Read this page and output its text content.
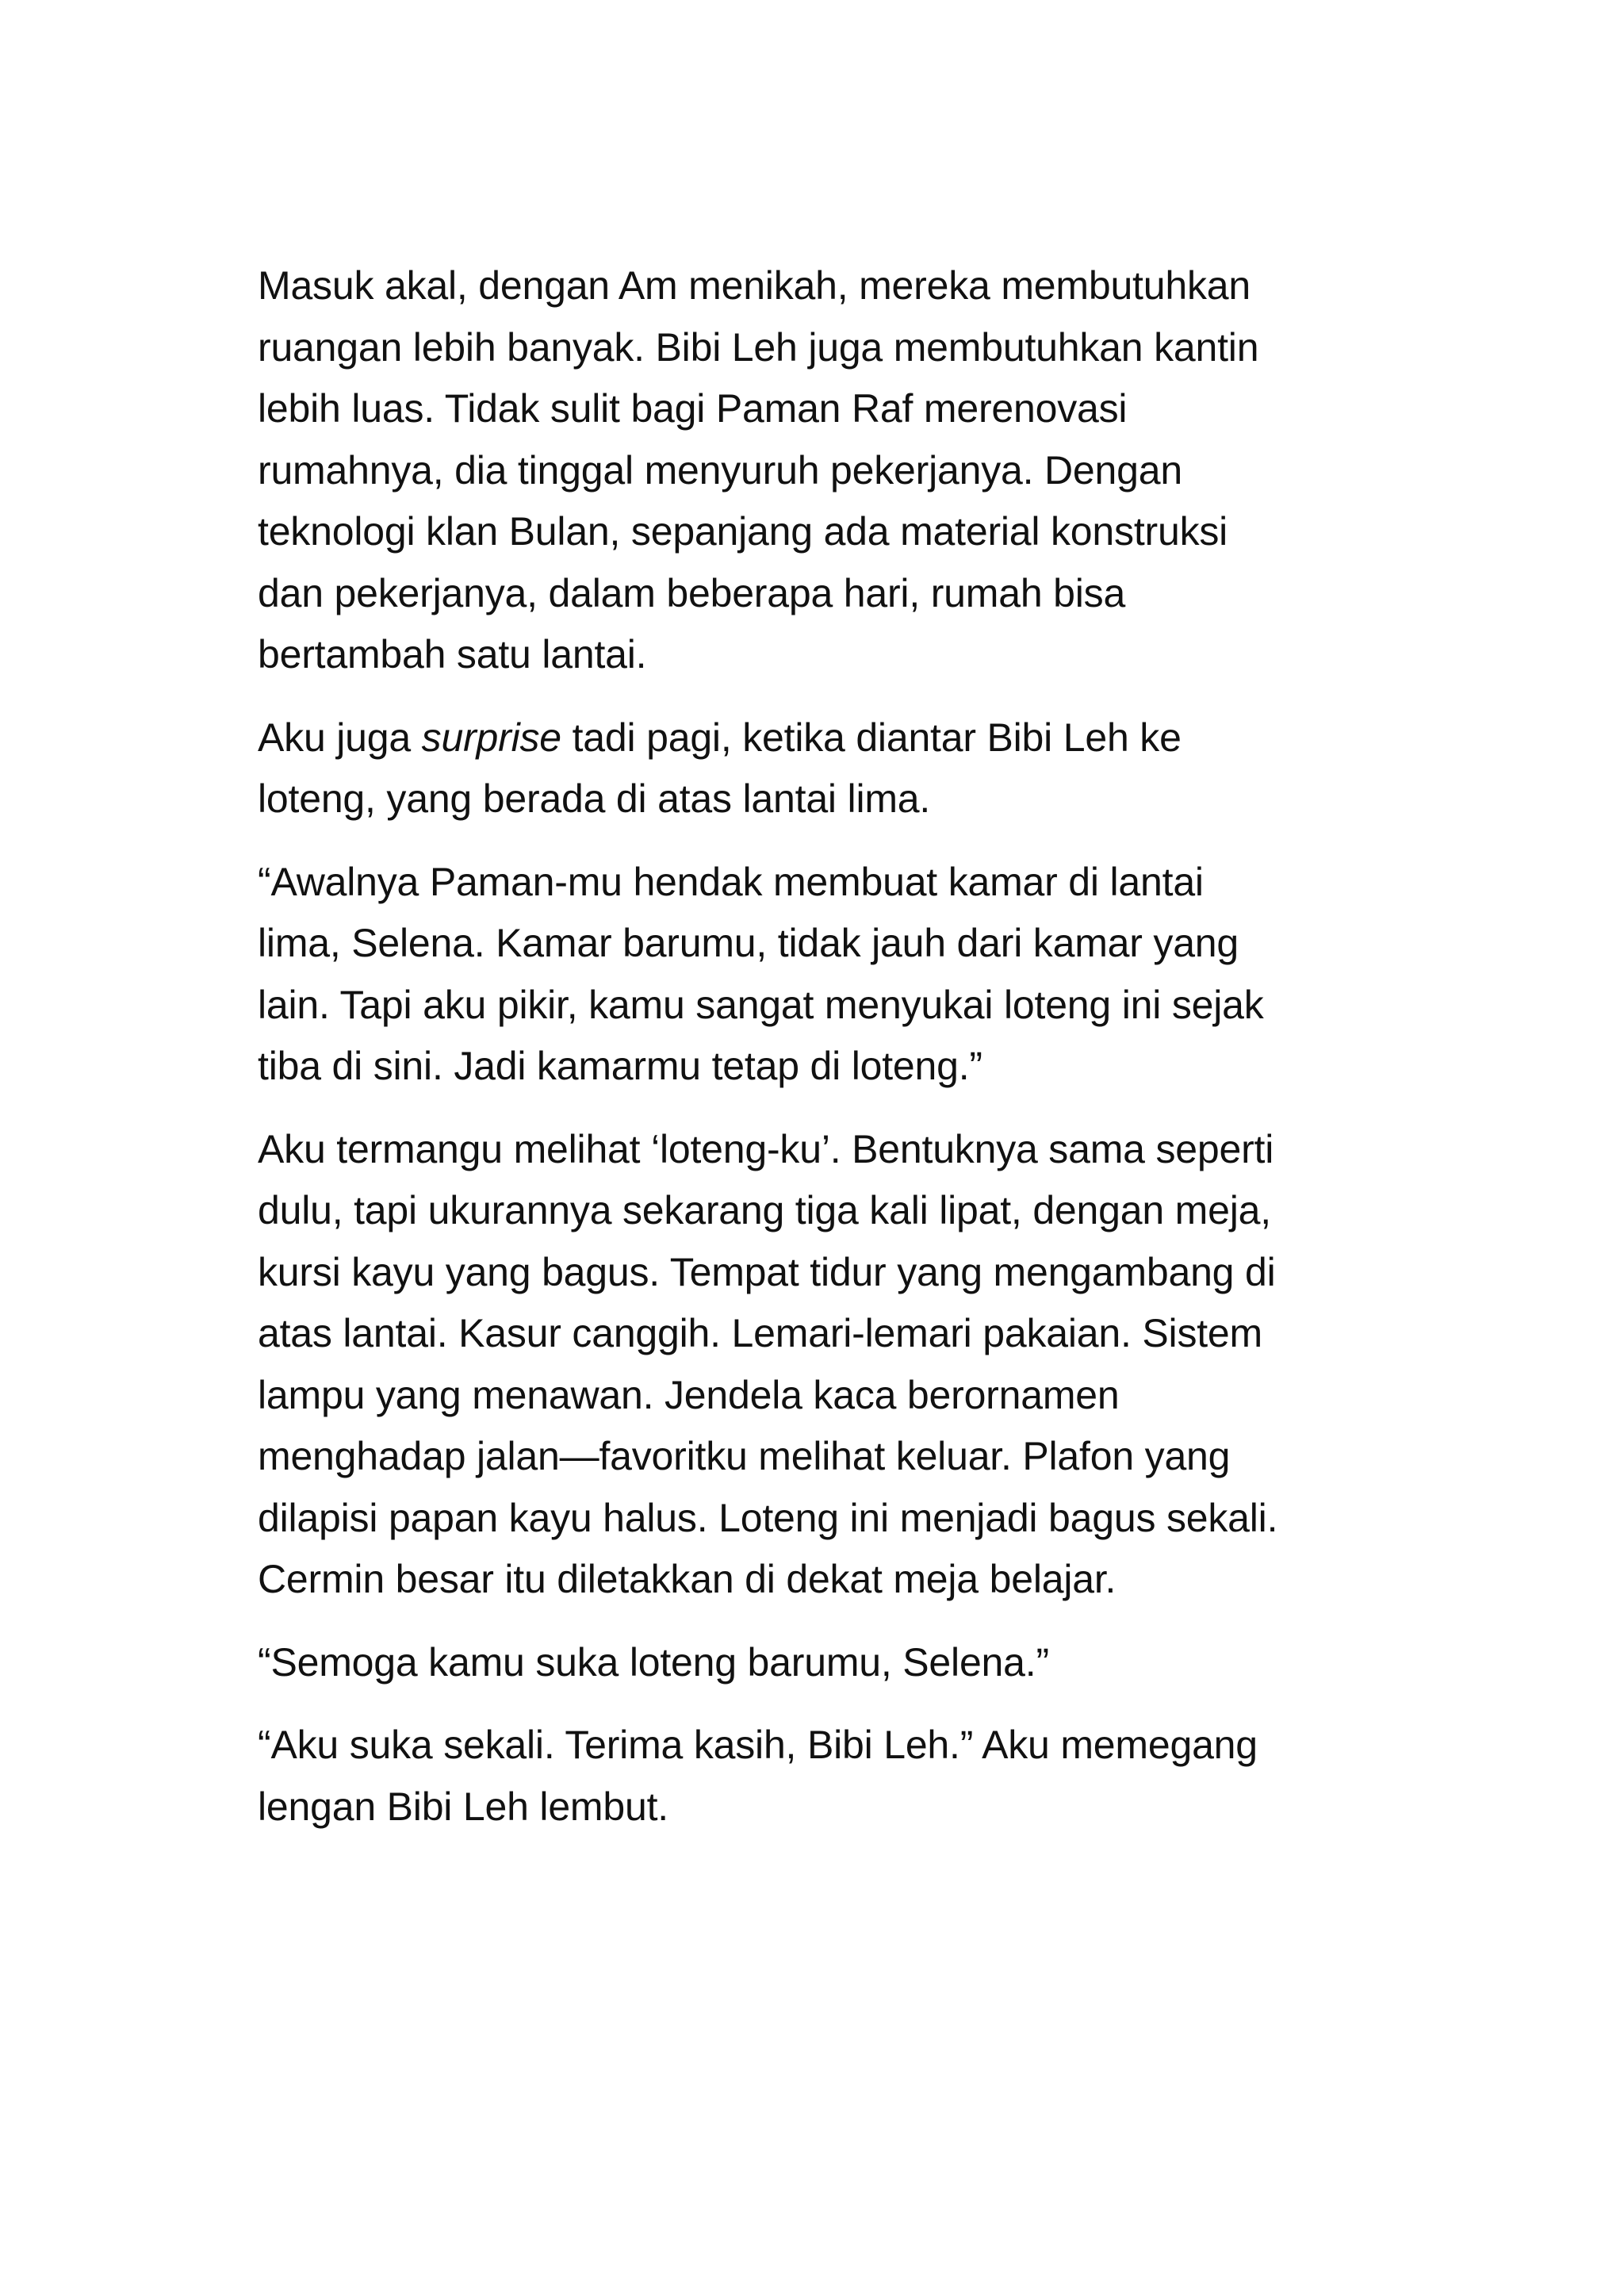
Masuk akal, dengan Am menikah, mereka membutuhkan
ruangan lebih banyak. Bibi Leh juga membutuhkan kantin
lebih luas. Tidak sulit bagi Paman Raf merenovasi
rumahnya, dia tinggal menyuruh pekerjanya. Dengan
teknologi klan Bulan, sepanjang ada material konstruksi
dan pekerjanya, dalam beberapa hari, rumah bisa
bertambah satu lantai.
Aku juga surprise tadi pagi, ketika diantar Bibi Leh ke
loteng, yang berada di atas lantai lima.
“Awalnya Paman-mu hendak membuat kamar di lantai
lima, Selena. Kamar barumu, tidak jauh dari kamar yang
lain. Tapi aku pikir, kamu sangat menyukai loteng ini sejak
tiba di sini. Jadi kamarmu tetap di loteng.”
Aku termangu melihat ‘loteng-ku’. Bentuknya sama seperti
dulu, tapi ukurannya sekarang tiga kali lipat, dengan meja,
kursi kayu yang bagus. Tempat tidur yang mengambang di
atas lantai. Kasur canggih. Lemari-lemari pakaian. Sistem
lampu yang menawan. Jendela kaca berornamen
menghadap jalan—favoritku melihat keluar. Plafon yang
dilapisi papan kayu halus. Loteng ini menjadi bagus sekali.
Cermin besar itu diletakkan di dekat meja belajar.
“Semoga kamu suka loteng barumu, Selena.”
“Aku suka sekali. Terima kasih, Bibi Leh.” Aku memegang
lengan Bibi Leh lembut.
